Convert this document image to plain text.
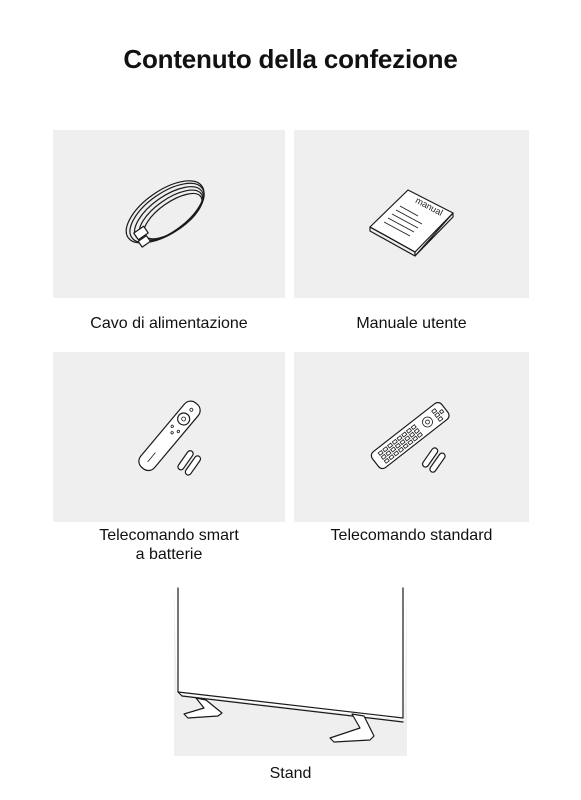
Contenuto della confezione
Cavo di alimentazione
manual
Manuale utente
Telecomando smart
a batterie
Telecomando standard
Stand
